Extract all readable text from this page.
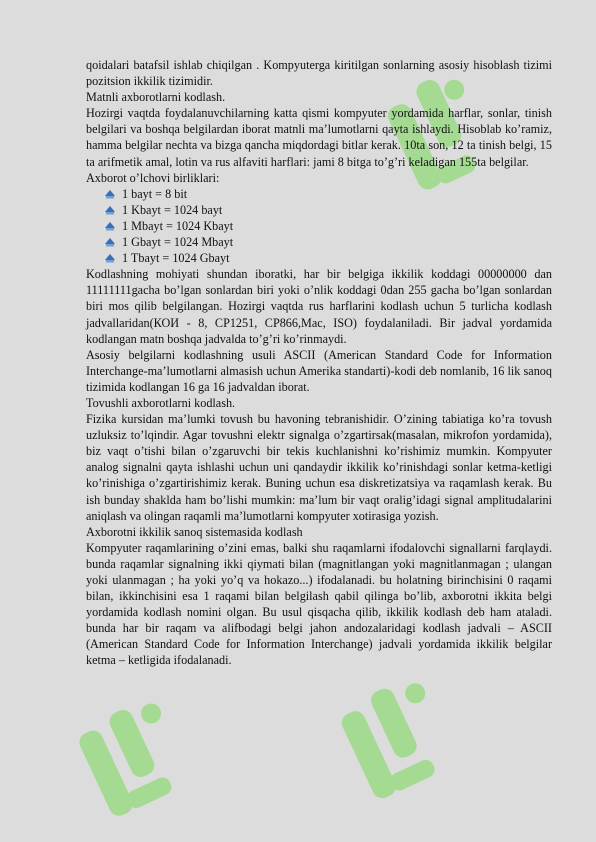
qoidalari batafsil ishlab chiqilgan . Kompyuterga kiritilgan sonlarning asosiy hisoblash tizimi pozitsion ikkilik tizimidir.

Matnli axborotlarni kodlash.

Hozirgi vaqtda foydalanuvchilarning katta qismi kompyuter yordamida harflar, sonlar, tinish belgilari va boshqa belgilardan iborat matnli ma’lumotlarni qayta ishlaydi. Hisoblab ko’ramiz, hamma belgilar nechta va bizga qancha miqdordagi bitlar kerak. 10ta son, 12 ta tinish belgi, 15 ta arifmetik amal, lotin va rus alfaviti harflari: jami 8 bitga to’g’ri keladigan 155ta belgilar.

Axborot o’lchovi birliklari:

1 bayt = 8 bit
1 Kbayt = 1024 bayt
1 Mbayt = 1024 Kbayt
1 Gbayt = 1024 Mbayt
1 Tbayt = 1024 Gbayt

Kodlashning mohiyati shundan iboratki, har bir belgiga ikkilik koddagi 00000000 dan 11111111gacha bo’lgan sonlardan biri yoki o’nlik koddagi 0dan 255 gacha bo’lgan sonlardan biri mos qilib belgilangan. Hozirgi vaqtda rus harflarini kodlash uchun 5 turlicha kodlash jadvallaridan(КОИ - 8, CP1251, CP866,Mac, ISO) foydalaniladi. Bir jadval yordamida kodlangan matn boshqa jadvalda to’g’ri ko’rinmaydi.

Asosiy belgilarni kodlashning usuli ASCII (American Standard Code for Information Interchange-ma’lumotlarni almasish uchun Amerika standarti)-kodi deb nomlanib, 16 lik sanoq tizimida kodlangan 16 ga 16 jadvaldan iborat.

Tovushli axborotlarni kodlash.

Fizika kursidan ma’lumki tovush bu havoning tebranishidir. O’zining tabiatiga ko’ra tovush uzluksiz to’lqindir. Agar tovushni elektr signalga o’zgartirsak(masalan, mikrofon yordamida), biz vaqt o’tishi bilan o’zgaruvchi bir tekis kuchlanishni ko’rishimiz mumkin. Kompyuter analog signalni qayta ishlashi uchun uni qandaydir ikkilik ko’rinishdagi sonlar ketma-ketligi ko’rinishiga o’zgartirishimiz kerak. Buning uchun esa diskretizatsiya va raqamlash kerak. Bu ish bunday shaklda ham bo’lishi mumkin: ma’lum bir vaqt oralig’idagi signal amplitudalarini aniqlash va olingan raqamli ma’lumotlarni kompyuter xotirasiga yozish.

Axborotni ikkilik sanoq sistemasida kodlash

Kompyuter raqamlarining o’zini emas, balki shu raqamlarni ifodalovchi signallarni farqlaydi. bunda raqamlar signalning ikki qiymati bilan (magnitlangan yoki magnitlanmagan ; ulangan yoki ulanmagan ; ha yoki yo’q va hokazo...) ifodalanadi. bu holatning birinchisini 0 raqami bilan, ikkinchisini esa 1 raqami bilan belgilash qabil qilinga bo’lib, axborotni ikkita belgi yordamida kodlash nomini olgan. Bu usul qisqacha qilib, ikkilik kodlash deb ham ataladi. bunda har bir raqam va alifbodagi belgi jahon andozalaridagi kodlash jadvali – ASCII (American Standard Code for Information Interchange) jadvali yordamida ikkilik belgilar ketma – ketligida ifodalanadi.
